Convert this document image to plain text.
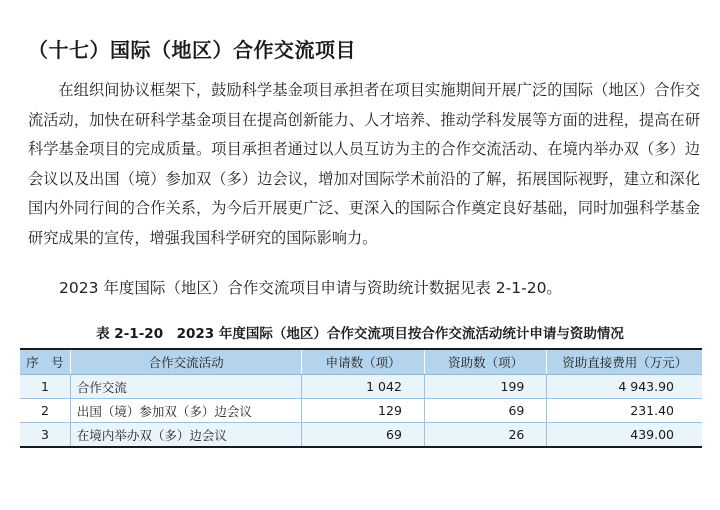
（十七）国际（地区）合作交流项目

在组织间协议框架下，鼓励科学基金项目承担者在项目实施期间开展广泛的国际（地区）合作交流活动，加快在研科学基金项目在提高创新能力、人才培养、推动学科发展等方面的进程，提高在研科学基金项目的完成质量。项目承担者通过以人员互访为主的合作交流活动、在境内举办双（多）边会议以及出国（境）参加双（多）边会议，增加对国际学术前沿的了解，拓展国际视野，建立和深化国内外同行间的合作关系，为今后开展更广泛、更深入的国际合作奠定良好基础，同时加强科学基金研究成果的宣传，增强我国科学研究的国际影响力。

2023 年度国际（地区）合作交流项目申请与资助统计数据见表 2-1-20。
表 2-1-20　2023 年度国际（地区）合作交流项目按合作交流活动统计申请与资助情况
序　号	合作交流活动	申请数（项）	资助数（项）	资助直接费用（万元）
1	合作交流	1 042	199	4 943.90
2	出国（境）参加双（多）边会议	129	69	231.40
3	在境内举办双（多）边会议	69	26	439.00
